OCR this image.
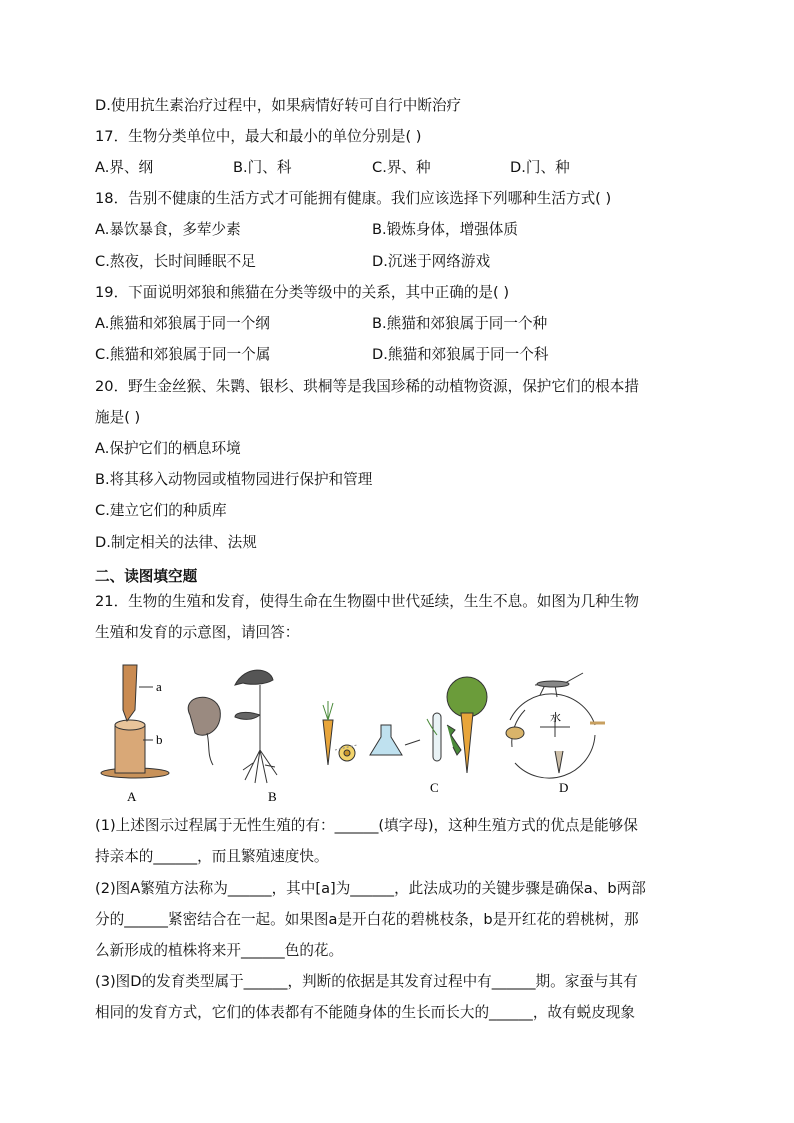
D.使用抗生素治疗过程中，如果病情好转可自行中断治疗
17．生物分类单位中，最大和最小的单位分别是( )
A.界、纲	B.门、科	C.界、种	D.门、种
18．告别不健康的生活方式才可能拥有健康。我们应该选择下列哪种生活方式( )
A.暴饮暴食，多荤少素	B.锻炼身体，增强体质
C.熬夜，长时间睡眠不足	D.沉迷于网络游戏
19．下面说明郊狼和熊猫在分类等级中的关系，其中正确的是( )
A.熊猫和郊狼属于同一个纲	B.熊猫和郊狼属于同一个种
C.熊猫和郊狼属于同一个属	D.熊猫和郊狼属于同一个科
20．野生金丝猴、朱鹮、银杉、珙桐等是我国珍稀的动植物资源，保护它们的根本措
施是( )
A.保护它们的栖息环境
B.将其移入动物园或植物园进行保护和管理
C.建立它们的种质库
D.制定相关的法律、法规
二、读图填空题
21．生物的生殖和发育，使得生命在生物圈中世代延续，生生不息。如图为几种生物
生殖和发育的示意图，请回答：
a
b
水
A	B
C	D
(1)上述图示过程属于无性生殖的有：______(填字母)，这种生殖方式的优点是能够保
持亲本的______，而且繁殖速度快。
(2)图A繁殖方法称为______，其中[a]为______，此法成功的关键步骤是确保a、b两部
分的______紧密结合在一起。如果图a是开白花的碧桃枝条，b是开红花的碧桃树，那
么新形成的植株将来开______色的花。
(3)图D的发育类型属于______，判断的依据是其发育过程中有______期。家蚕与其有
相同的发育方式，它们的体表都有不能随身体的生长而长大的______，故有蜕皮现象
